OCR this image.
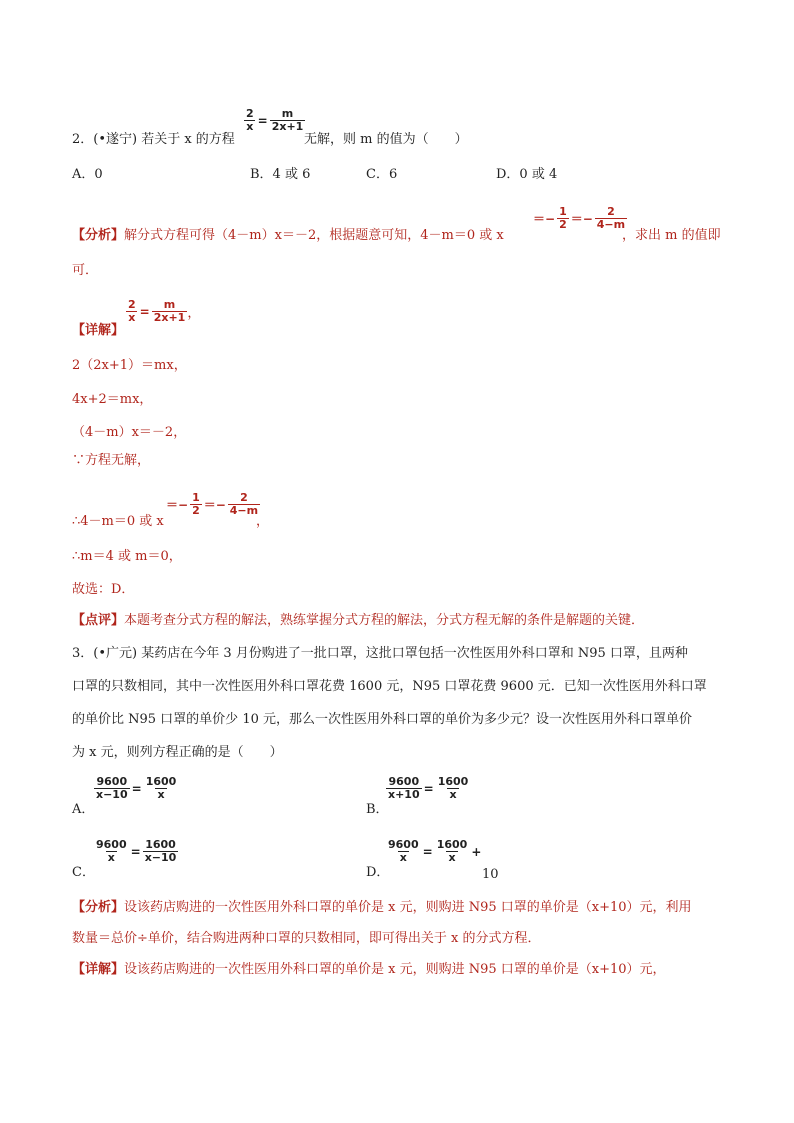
2．(•遂宁) 若关于 x 的方程
$\frac{2}{x} = \frac{m}{2x+1}$
无解，则 m 的值为（　　）
A．0	B．4 或 6	C．6	D．0 或 4
【分析】解分式方程可得（4－m）x＝－2，根据题意可知，4－m＝0 或 x
＝− $\frac{1}{2} =- \frac{2}{4-m}$
，求出 m 的值即
可．
【详解】
$\frac{2}{x} = \frac{m}{2x+1}$ ，
2（2x+1）＝mx，
4x+2＝mx，
（4－m）x＝－2，
∵方程无解，
∴4－m＝0 或 x
＝− $\frac{1}{2} =- \frac{2}{4-m}$
，
∴m＝4 或 m＝0，
故选：D．
【点评】本题考查分式方程的解法，熟练掌握分式方程的解法，分式方程无解的条件是解题的关键．
3．(•广元) 某药店在今年 3 月份购进了一批口罩，这批口罩包括一次性医用外科口罩和 N95 口罩，且两种
口罩的只数相同，其中一次性医用外科口罩花费 1600 元，N95 口罩花费 9600 元．已知一次性医用外科口罩
的单价比 N95 口罩的单价少 10 元，那么一次性医用外科口罩的单价为多少元？设一次性医用外科口罩单价
为 x 元，则列方程正确的是（　　）
A．
$\frac{9600}{x-10} = \frac{1600}{x}$
B．
$\frac{9600}{x+10} = \frac{1600}{x}$
C．
$\frac{9600}{x} = \frac{1600}{x-10}$
D．
$\frac{9600}{x} = \frac{1600}{x}$ +
10
【分析】设该药店购进的一次性医用外科口罩的单价是 x 元，则购进 N95 口罩的单价是（x+10）元，利用
数量＝总价÷单价，结合购进两种口罩的只数相同，即可得出关于 x 的分式方程．
【详解】设该药店购进的一次性医用外科口罩的单价是 x 元，则购进 N95 口罩的单价是（x+10）元，
